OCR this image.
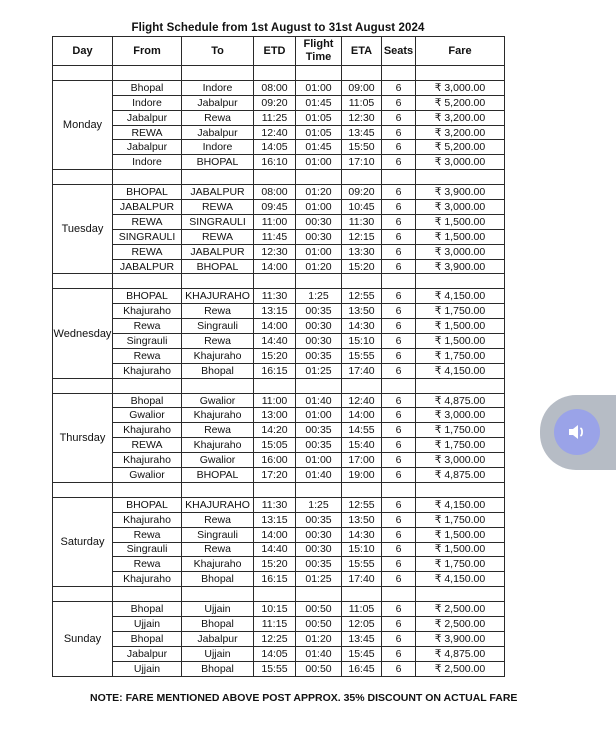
Flight Schedule from 1st August to 31st August 2024
Day	From	To	ETD	Flight Time	ETA	Seats	Fare

Monday	Bhopal	Indore	08:00	01:00	09:00	6	₹ 3,000.00
	Indore	Jabalpur	09:20	01:45	11:05	6	₹ 5,200.00
	Jabalpur	Rewa	11:25	01:05	12:30	6	₹ 3,200.00
	REWA	Jabalpur	12:40	01:05	13:45	6	₹ 3,200.00
	Jabalpur	Indore	14:05	01:45	15:50	6	₹ 5,200.00
	Indore	BHOPAL	16:10	01:00	17:10	6	₹ 3,000.00

Tuesday	BHOPAL	JABALPUR	08:00	01:20	09:20	6	₹ 3,900.00
	JABALPUR	REWA	09:45	01:00	10:45	6	₹ 3,000.00
	REWA	SINGRAULI	11:00	00:30	11:30	6	₹ 1,500.00
	SINGRAULI	REWA	11:45	00:30	12:15	6	₹ 1,500.00
	REWA	JABALPUR	12:30	01:00	13:30	6	₹ 3,000.00
	JABALPUR	BHOPAL	14:00	01:20	15:20	6	₹ 3,900.00

Wednesday	BHOPAL	KHAJURAHO	11:30	1:25	12:55	6	₹ 4,150.00
	Khajuraho	Rewa	13:15	00:35	13:50	6	₹ 1,750.00
	Rewa	Singrauli	14:00	00:30	14:30	6	₹ 1,500.00
	Singrauli	Rewa	14:40	00:30	15:10	6	₹ 1,500.00
	Rewa	Khajuraho	15:20	00:35	15:55	6	₹ 1,750.00
	Khajuraho	Bhopal	16:15	01:25	17:40	6	₹ 4,150.00

Thursday	Bhopal	Gwalior	11:00	01:40	12:40	6	₹ 4,875.00
	Gwalior	Khajuraho	13:00	01:00	14:00	6	₹ 3,000.00
	Khajuraho	Rewa	14:20	00:35	14:55	6	₹ 1,750.00
	REWA	Khajuraho	15:05	00:35	15:40	6	₹ 1,750.00
	Khajuraho	Gwalior	16:00	01:00	17:00	6	₹ 3,000.00
	Gwalior	BHOPAL	17:20	01:40	19:00	6	₹ 4,875.00

Saturday	BHOPAL	KHAJURAHO	11:30	1:25	12:55	6	₹ 4,150.00
	Khajuraho	Rewa	13:15	00:35	13:50	6	₹ 1,750.00
	Rewa	Singrauli	14:00	00:30	14:30	6	₹ 1,500.00
	Singrauli	Rewa	14:40	00:30	15:10	6	₹ 1,500.00
	Rewa	Khajuraho	15:20	00:35	15:55	6	₹ 1,750.00
	Khajuraho	Bhopal	16:15	01:25	17:40	6	₹ 4,150.00

Sunday	Bhopal	Ujjain	10:15	00:50	11:05	6	₹ 2,500.00
	Ujjain	Bhopal	11:15	00:50	12:05	6	₹ 2,500.00
	Bhopal	Jabalpur	12:25	01:20	13:45	6	₹ 3,900.00
	Jabalpur	Ujjain	14:05	01:40	15:45	6	₹ 4,875.00
	Ujjain	Bhopal	15:55	00:50	16:45	6	₹ 2,500.00
NOTE: FARE MENTIONED ABOVE POST APPROX. 35% DISCOUNT ON ACTUAL FARE
